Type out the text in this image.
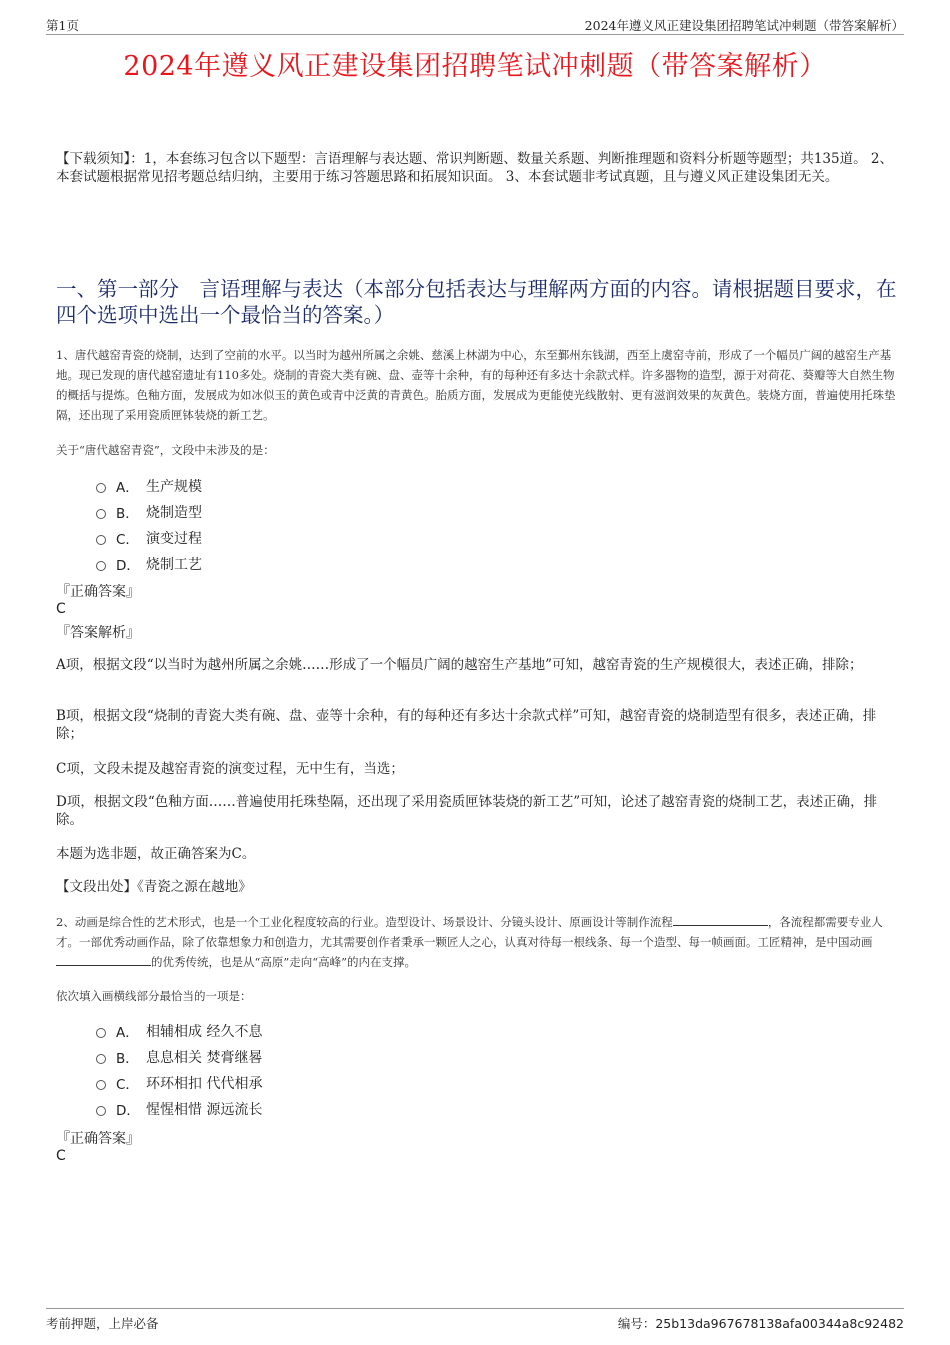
第1页	2024年遵义风正建设集团招聘笔试冲刺题（带答案解析）
2024年遵义风正建设集团招聘笔试冲刺题（带答案解析）
【下载须知】：1，本套练习包含以下题型：言语理解与表达题、常识判断题、数量关系题、判断推理题和资料分析题等题型；共135道。 2、本套试题根据常见招考题总结归纳，主要用于练习答题思路和拓展知识面。 3、本套试题非考试真题，且与遵义风正建设集团无关。
一、第一部分　言语理解与表达（本部分包括表达与理解两方面的内容。请根据题目要求，在四个选项中选出一个最恰当的答案。）
1、唐代越窑青瓷的烧制，达到了空前的水平。以当时为越州所属之余姚、慈溪上林湖为中心，东至鄞州东钱湖，西至上虞窑寺前，形成了一个幅员广阔的越窑生产基地。现已发现的唐代越窑遗址有110多处。烧制的青瓷大类有碗、盘、壶等十余种，有的每种还有多达十余款式样。许多器物的造型，源于对荷花、葵瓣等大自然生物的概括与提炼。色釉方面，发展成为如冰似玉的黄色或青中泛黄的青黄色。胎质方面，发展成为更能使光线散射、更有滋润效果的灰黄色。装烧方面，普遍使用托珠垫隔，还出现了采用瓷质匣钵装烧的新工艺。
关于“唐代越窑青瓷”，文段中未涉及的是：
A． 生产规模
B． 烧制造型
C． 演变过程
D． 烧制工艺
『正确答案』
C
『答案解析』
A项，根据文段“以当时为越州所属之余姚……形成了一个幅员广阔的越窑生产基地”可知，越窑青瓷的生产规模很大，表述正确，排除；
B项，根据文段“烧制的青瓷大类有碗、盘、壶等十余种，有的每种还有多达十余款式样”可知，越窑青瓷的烧制造型有很多，表述正确，排除；
C项，文段未提及越窑青瓷的演变过程，无中生有，当选；
D项，根据文段“色釉方面……普遍使用托珠垫隔，还出现了采用瓷质匣钵装烧的新工艺”可知，论述了越窑青瓷的烧制工艺，表述正确，排除。
本题为选非题，故正确答案为C。
【文段出处】《青瓷之源在越地》
2、动画是综合性的艺术形式，也是一个工业化程度较高的行业。造型设计、场景设计、分镜头设计、原画设计等制作流程	，各流程都需要专业人才。一部优秀动画作品，除了依靠想象力和创造力，尤其需要创作者秉承一颗匠人之心，认真对待每一根线条、每一个造型、每一帧画面。工匠精神，是中国动画的优秀传统，也是从“高原”走向“高峰”的内在支撑。
依次填入画横线部分最恰当的一项是：
A． 相辅相成 经久不息
B． 息息相关 焚膏继晷
C． 环环相扣 代代相承
D． 惺惺相惜 源远流长
『正确答案』
C
考前押题，上岸必备	编号：25b13da967678138afa00344a8c92482
